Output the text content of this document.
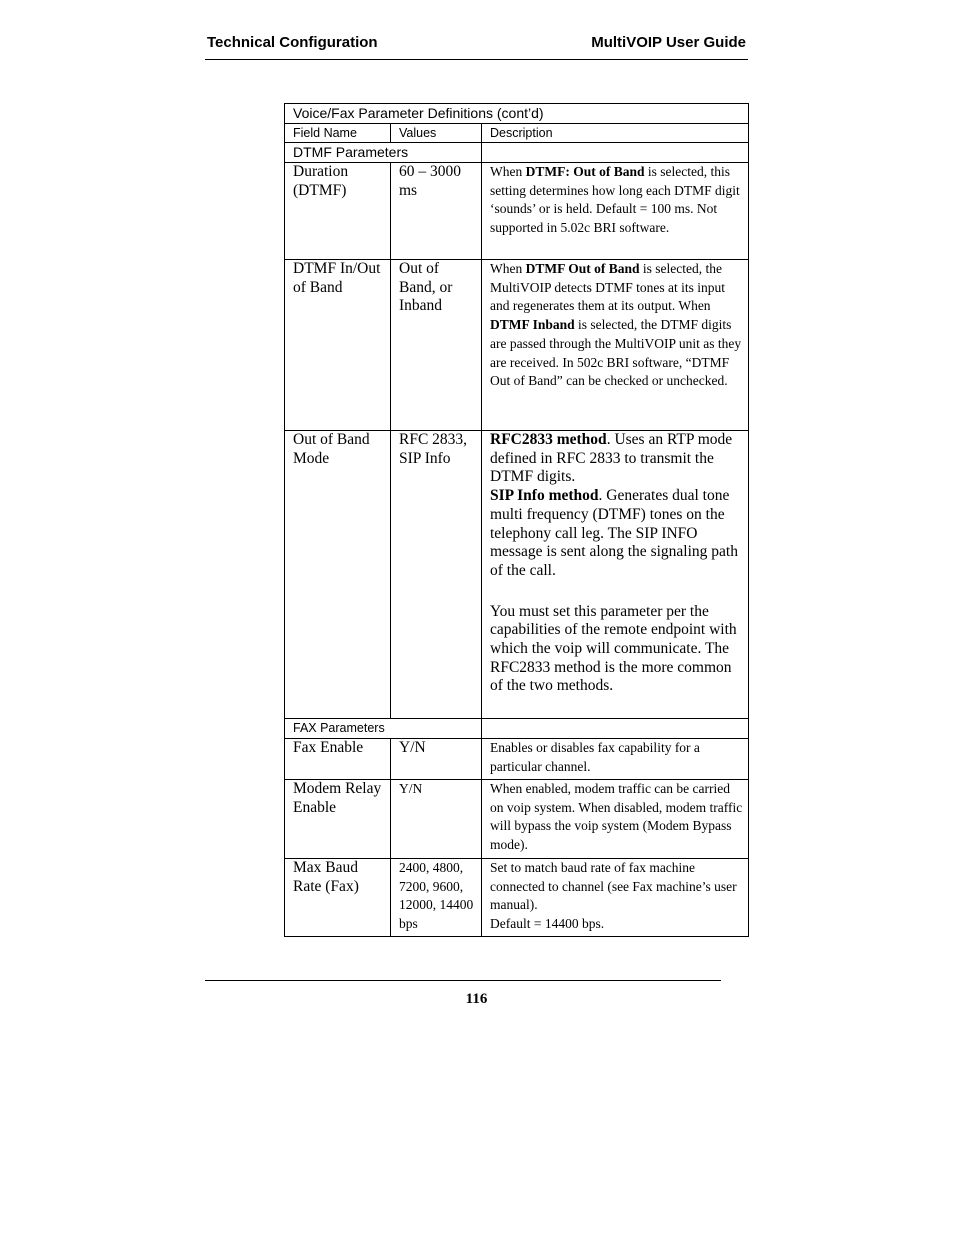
Technical Configuration	MultiVOIP User Guide
Voice/Fax Parameter Definitions (cont’d)		
Field Name	Values	Description
DTMF Parameters		
Duration (DTMF)	60 – 3000 ms	When DTMF: Out of Band is selected, this setting determines how long each DTMF digit ‘sounds’ or is held. Default = 100 ms. Not supported in 5.02c BRI software.
DTMF In/Out of Band	Out of Band, or Inband	When DTMF Out of Band is selected, the MultiVOIP detects DTMF tones at its input and regenerates them at its output. When DTMF Inband is selected, the DTMF digits are passed through the MultiVOIP unit as they are received. In 502c BRI software, “DTMF Out of Band” can be checked or unchecked.
Out of Band Mode	RFC 2833, SIP Info	RFC2833 method. Uses an RTP mode defined in RFC 2833 to transmit the DTMF digits.

SIP Info method. Generates dual tone multi frequency (DTMF) tones on the telephony call leg. The SIP INFO message is sent along the signaling path of the call.

You must set this parameter per the capabilities of the remote endpoint with which the voip will communicate. The RFC2833 method is the more common of the two methods.

FAX Parameters		
Fax Enable	Y/N	Enables or disables fax capability for a particular channel.
Modem Relay Enable	Y/N	When enabled, modem traffic can be carried on voip system. When disabled, modem traffic will bypass the voip system (Modem Bypass mode).
Max Baud Rate (Fax)	2400, 4800, 7200, 9600, 12000, 14400 bps	Set to match baud rate of fax machine connected to channel (see Fax machine’s user manual).
Default = 14400 bps.
116
